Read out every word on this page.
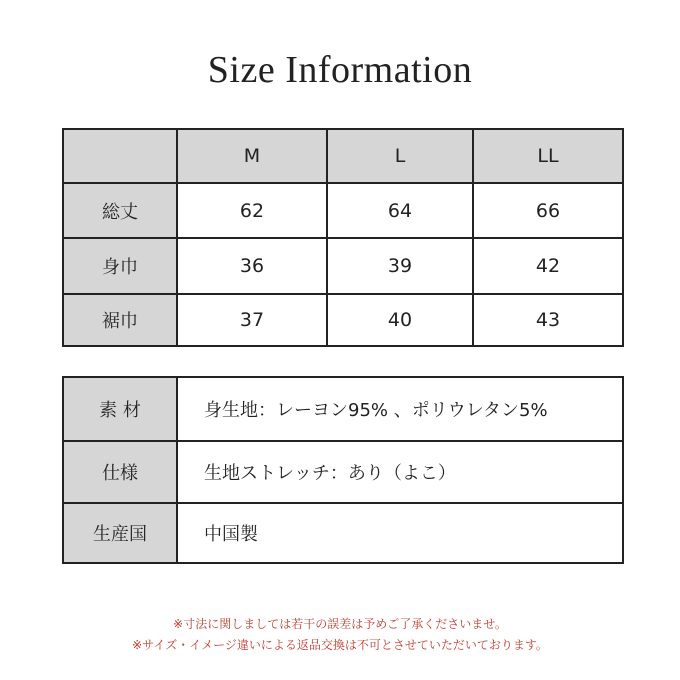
Size Information
	M	L	LL
総丈	62	64	66
身巾	36	39	42
裾巾	37	40	43
素 材	身生地：レーヨン95% 、ポリウレタン5%
仕様	生地ストレッチ：あり（よこ）
生産国	中国製
※寸法に関しましては若干の誤差は予めご了承くださいませ。
※サイズ・イメージ違いによる返品交換は不可とさせていただいております。
